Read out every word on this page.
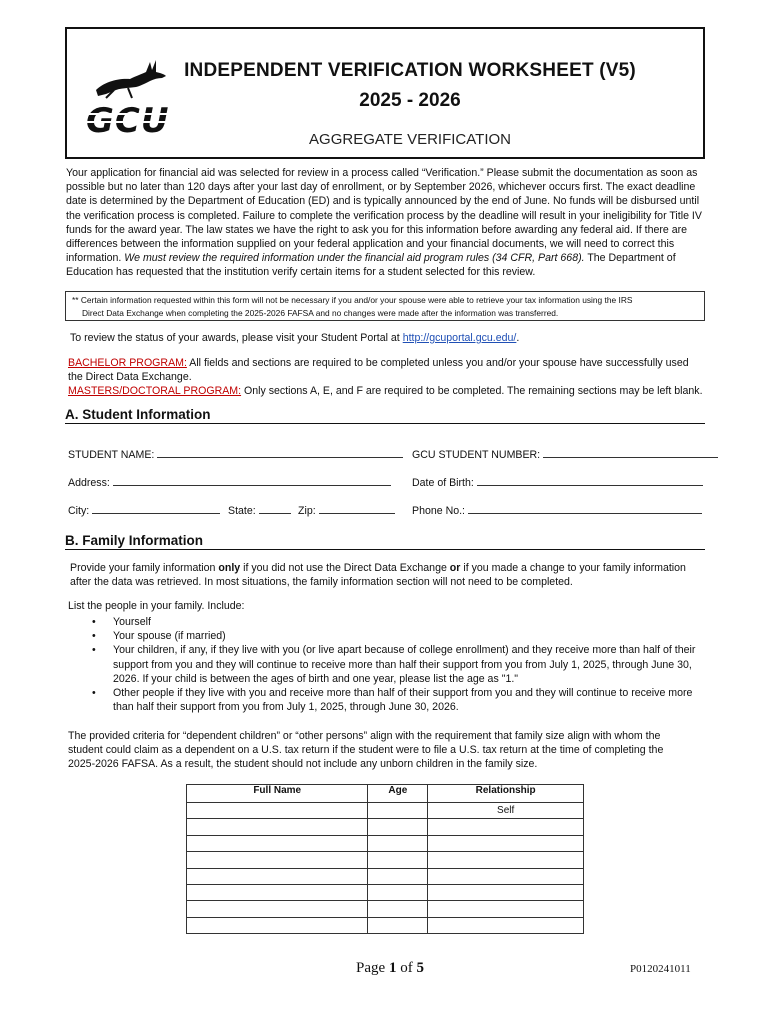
GCU
INDEPENDENT VERIFICATION WORKSHEET (V5)
2025 - 2026
AGGREGATE VERIFICATION
Your application for financial aid was selected for review in a process called “Verification.” Please submit the documentation as soon as
possible but no later than 120 days after your last day of enrollment, or by September 2026, whichever occurs first. The exact deadline
date is determined by the Department of Education (ED) and is typically announced by the end of June. No funds will be disbursed until
the verification process is completed. Failure to complete the verification process by the deadline will result in your ineligibility for Title IV
funds for the award year. The law states we have the right to ask you for this information before awarding any federal aid. If there are
differences between the information supplied on your federal application and your financial documents, we will need to correct this
information. We must review the required information under the financial aid program rules (34 CFR, Part 668). The Department of
Education has requested that the institution verify certain items for a student selected for this review.
** Certain information requested within this form will not be necessary if you and/or your spouse were able to retrieve your tax information using the IRS
Direct Data Exchange when completing the 2025-2026 FAFSA and no changes were made after the information was transferred.
To review the status of your awards, please visit your Student Portal at http://gcuportal.gcu.edu/.
BACHELOR PROGRAM: All fields and sections are required to be completed unless you and/or your spouse have successfully used
the Direct Data Exchange.
MASTERS/DOCTORAL PROGRAM: Only sections A, E, and F are required to be completed. The remaining sections may be left blank.
A. Student Information
STUDENT NAME:	GCU STUDENT NUMBER:
Address:	Date of Birth:
City:	State:	Zip:	Phone No.:
B. Family Information
Provide your family information only if you did not use the Direct Data Exchange or if you made a change to your family information
after the data was retrieved. In most situations, the family information section will not need to be completed.
List the people in your family. Include:
• Yourself
• Your spouse (if married)
• Your children, if any, if they live with you (or live apart because of college enrollment) and they receive more than half of their support from you and they will continue to receive more than half their support from you from July 1, 2025, through June 30, 2026. If your child is between the ages of birth and one year, please list the age as "1."
• Other people if they live with you and receive more than half of their support from you and they will continue to receive more than half their support from you from July 1, 2025, through June 30, 2026.
The provided criteria for “dependent children” or “other persons” align with the requirement that family size align with whom the
student could claim as a dependent on a U.S. tax return if the student were to file a U.S. tax return at the time of completing the
2025-2026 FAFSA. As a result, the student should not include any unborn children in the family size.
Full Name	Age	Relationship
		Self

Page 1 of 5	P0120241011
